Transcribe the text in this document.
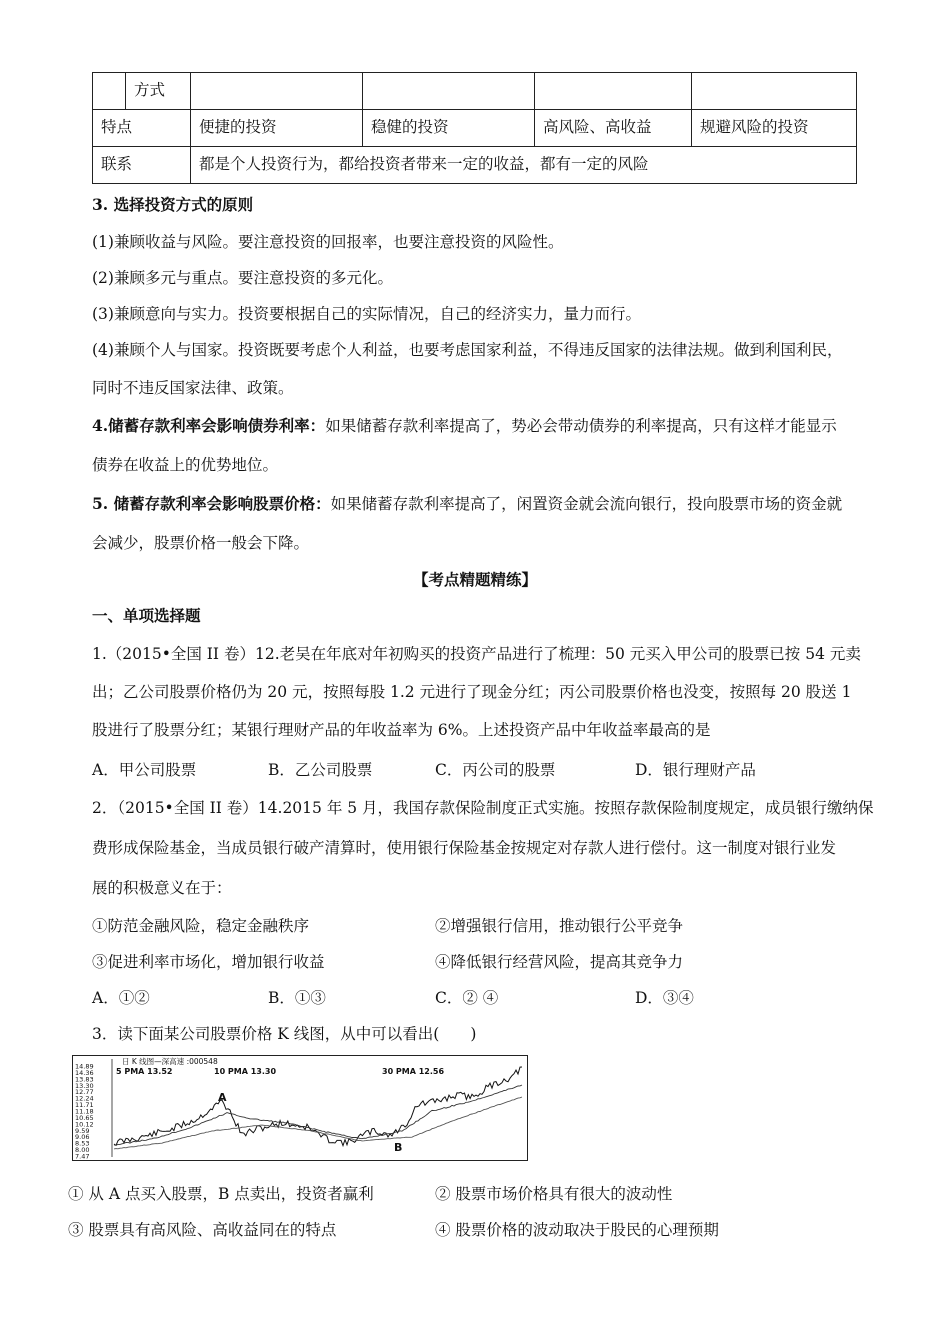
	方式				
特点		便捷的投资	稳健的投资	高风险、高收益	规避风险的投资
联系		都是个人投资行为，都给投资者带来一定的收益，都有一定的风险			
3. 选择投资方式的原则
(1)兼顾收益与风险。要注意投资的回报率，也要注意投资的风险性。
(2)兼顾多元与重点。要注意投资的多元化。
(3)兼顾意向与实力。投资要根据自己的实际情况，自己的经济实力，量力而行。
(4)兼顾个人与国家。投资既要考虑个人利益，也要考虑国家利益，不得违反国家的法律法规。做到利国利民，
同时不违反国家法律、政策。
4.储蓄存款利率会影响债券利率：如果储蓄存款利率提高了，势必会带动债券的利率提高，只有这样才能显示
债券在收益上的优势地位。
5. 储蓄存款利率会影响股票价格：如果储蓄存款利率提高了，闲置资金就会流向银行，投向股票市场的资金就
会减少，股票价格一般会下降。
【考点精题精练】
一、单项选择题
1.（2015•全国 II 卷）12.老吴在年底对年初购买的投资产品进行了梳理：50 元买入甲公司的股票已按 54 元卖
出；乙公司股票价格仍为 20 元，按照每股 1.2 元进行了现金分红；丙公司股票价格也没变，按照每 20 股送 1
股进行了股票分红；某银行理财产品的年收益率为 6%。上述投资产品中年收益率最高的是
A．甲公司股票	B．乙公司股票	C．丙公司的股票	D．银行理财产品
2．（2015•全国 II 卷）14.2015 年 5 月，我国存款保险制度正式实施。按照存款保险制度规定，成员银行缴纳保
费形成保险基金，当成员银行破产清算时，使用银行保险基金按规定对存款人进行偿付。这一制度对银行业发
展的积极意义在于：
①防范金融风险，稳定金融秩序	②增强银行信用，推动银行公平竞争
③促进利率市场化，增加银行收益	④降低银行经营风险，提高其竞争力
A．①②	B．①③	C．② ④	D．③④
3．读下面某公司股票价格 K 线图，从中可以看出(　　)
日 K 线图—深高速 :000548
5 PMA 13.52	10 PMA 13.30	30 PMA 12.56
14.89
14.36
13.83
13.30
12.77
12.24
11.71
11.18
10.65
10.12
9.59
9.06
8.53
8.00
7.47
A
B
① 从 A 点买入股票，B 点卖出，投资者赢利	② 股票市场价格具有很大的波动性
③ 股票具有高风险、高收益同在的特点	④ 股票价格的波动取决于股民的心理预期
